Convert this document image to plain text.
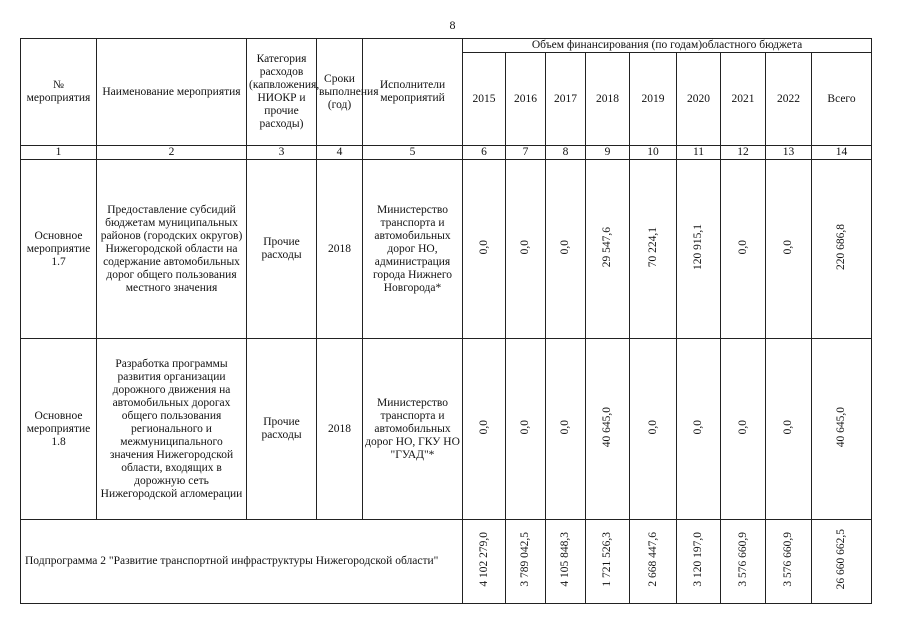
8
№ мероприятия	Наименование мероприятия	Категория расходов (капвложения, НИОКР и прочие расходы)	Сроки выполнения (год)	Исполнители мероприятий	Объем финансирования (по годам)областного бюджета								
					2015	2016	2017	2018	2019	2020	2021	2022	Всего
1	2	3	4	5	6	7	8	9	10	11	12	13	14
Основное мероприятие 1.7	Предоставление субсидий бюджетам муниципальных районов (городских округов) Нижегородской области на содержание автомобильных дорог общего пользования местного значения	Прочие расходы	2018	Министерство транспорта и автомобильных дорог НО, администрация города Нижнего Новгорода*	0,0	0,0	0,0	29 547,6	70 224,1	120 915,1	0,0	0,0	220 686,8
Основное мероприятие 1.8	Разработка программы развития организации дорожного движения на автомобильных дорогах общего пользования регионального и межмуниципального значения Нижегородской области, входящих в дорожную сеть Нижегородской агломерации	Прочие расходы	2018	Министерство транспорта и автомобильных дорог НО, ГКУ НО "ГУАД"*	0,0	0,0	0,0	40 645,0	0,0	0,0	0,0	0,0	40 645,0
Подпрограмма 2 "Развитие транспортной инфраструктуры Нижегородской области"					4 102 279,0	3 789 042,5	4 105 848,3	1 721 526,3	2 668 447,6	3 120 197,0	3 576 660,9	3 576 660,9	26 660 662,5
